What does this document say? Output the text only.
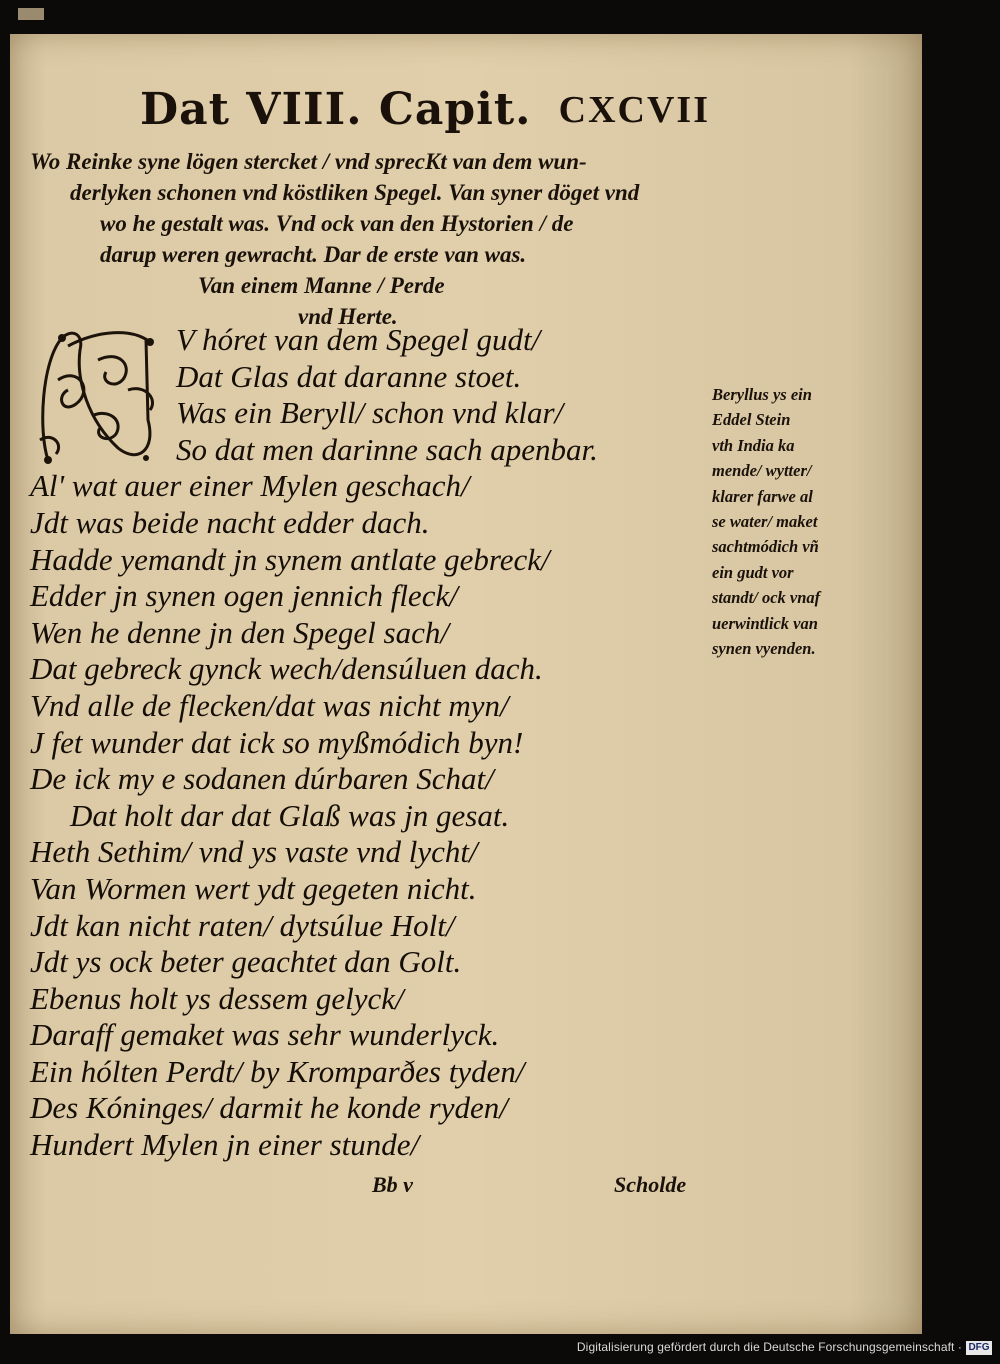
Dat VIII. Capit. CXCVII
Wo Reinke syne lögen stercket / vnd sprecKt van dem wun-
derlyken schonen vnd köstliken Spegel. Van syner döget vnd
wo he gestalt was. Vnd ock van den Hystorien / de
darup weren gewracht. Dar de erste van was.
Van einem Manne / Perde
vnd Herte.
V hóret van dem Spegel gudt/
Dat Glas dat daranne stoet.
Was ein Beryll/ schon vnd klar/
So dat men darinne sach apenbar.
Al' wat auer einer Mylen geschach/
Jdt was beide nacht edder dach.
Hadde yemandt jn synem antlate gebreck/
Edder jn synen ogen jennich fleck/
Wen he denne jn den Spegel sach/
Dat gebreck gynck wech/densúluen dach.
Vnd alle de flecken/dat was nicht myn/
J fet wunder dat ick so myßmódich byn!
De ick my e sodanen dúrbaren Schat/
Dat holt dar dat Glaß was jn gesat.
Heth Sethim/ vnd ys vaste vnd lycht/
Van Wormen wert ydt gegeten nicht.
Jdt kan nicht raten/ dytsúlue Holt/
Jdt ys ock beter geachtet dan Golt.
Ebenus holt ys dessem gelyck/
Daraff gemaket was sehr wunderlyck.
Ein hólten Perdt/ by Kromparðes tyden/
Des Kóninges/ darmit he konde ryden/
Hundert Mylen jn einer stunde/
Beryllus ys ein
Eddel Stein
vth India ka
mende/ wytter/
klarer farwe al
se water/ maket
sachtmódich vñ
ein gudt vor
standt/ ock vnaf
uerwintlick van
synen vyenden.
Bb v	Scholde
Digitalisierung gefördert durch die Deutsche Forschungsgemeinschaft · DFG
